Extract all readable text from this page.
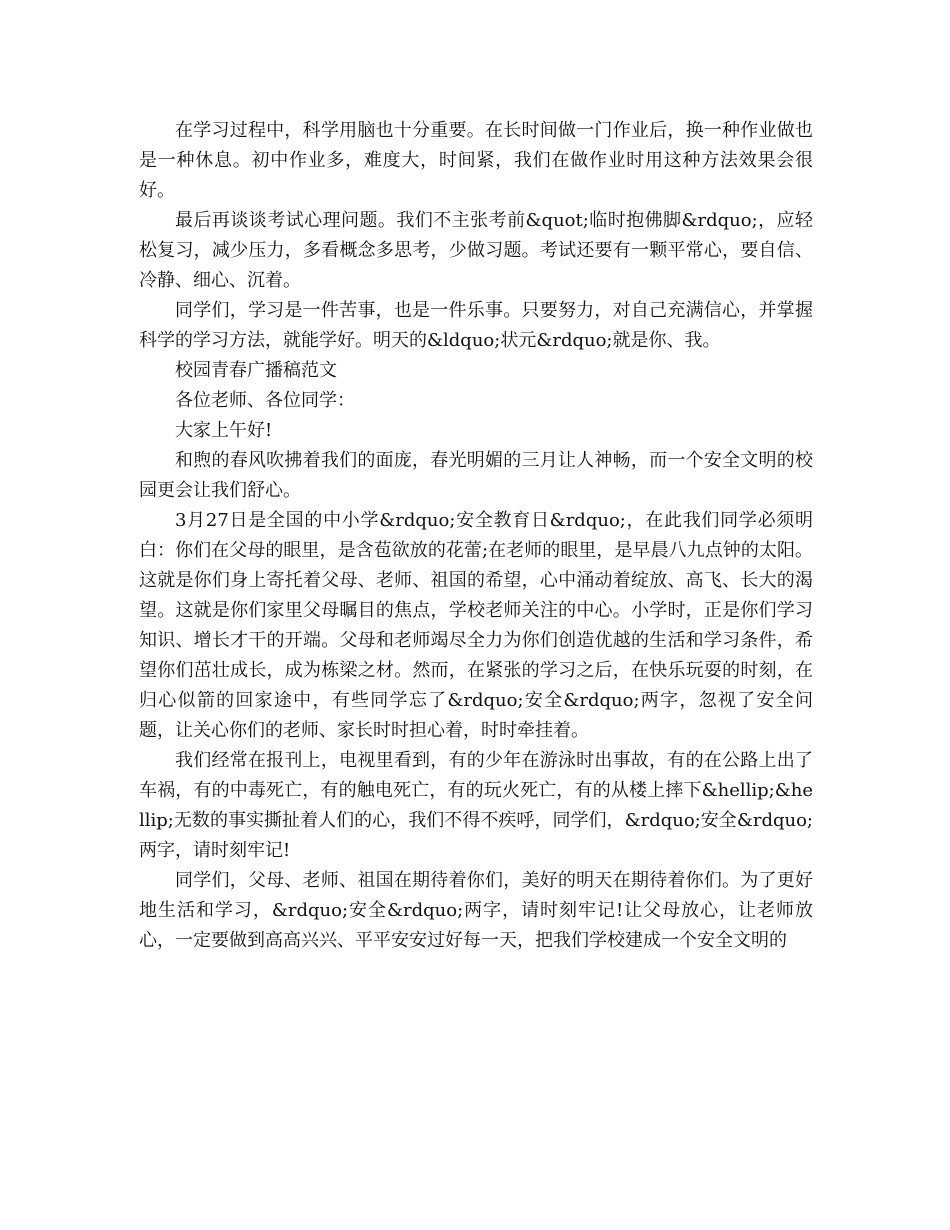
在学习过程中，科学用脑也十分重要。在长时间做一门作业后，换一种作业做也是一种休息。初中作业多，难度大，时间紧，我们在做作业时用这种方法效果会很好。

最后再谈谈考试心理问题。我们不主张考前&quot;临时抱佛脚&rdquo;，应轻松复习，减少压力，多看概念多思考，少做习题。考试还要有一颗平常心，要自信、冷静、细心、沉着。

同学们，学习是一件苦事，也是一件乐事。只要努力，对自己充满信心，并掌握科学的学习方法，就能学好。明天的&ldquo;状元&rdquo;就是你、我。

校园青春广播稿范文

各位老师、各位同学：

大家上午好!

和煦的春风吹拂着我们的面庞，春光明媚的三月让人神畅，而一个安全文明的校园更会让我们舒心。

3月27日是全国的中小学&rdquo;安全教育日&rdquo;，在此我们同学必须明白：你们在父母的眼里，是含苞欲放的花蕾;在老师的眼里，是早晨八九点钟的太阳。这就是你们身上寄托着父母、老师、祖国的希望，心中涌动着绽放、高飞、长大的渴望。这就是你们家里父母瞩目的焦点，学校老师关注的中心。小学时，正是你们学习知识、增长才干的开端。父母和老师竭尽全力为你们创造优越的生活和学习条件，希望你们茁壮成长，成为栋梁之材。然而，在紧张的学习之后，在快乐玩耍的时刻，在归心似箭的回家途中，有些同学忘了&rdquo;安全&rdquo;两字，忽视了安全问题，让关心你们的老师、家长时时担心着，时时牵挂着。

我们经常在报刊上，电视里看到，有的少年在游泳时出事故，有的在公路上出了车祸，有的中毒死亡，有的触电死亡，有的玩火死亡，有的从楼上摔下&hellip;&hellip;无数的事实撕扯着人们的心，我们不得不疾呼，同学们，&rdquo;安全&rdquo;两字，请时刻牢记!

同学们，父母、老师、祖国在期待着你们，美好的明天在期待着你们。为了更好地生活和学习，&rdquo;安全&rdquo;两字，请时刻牢记!让父母放心，让老师放心，一定要做到高高兴兴、平平安安过好每一天，把我们学校建成一个安全文明的
